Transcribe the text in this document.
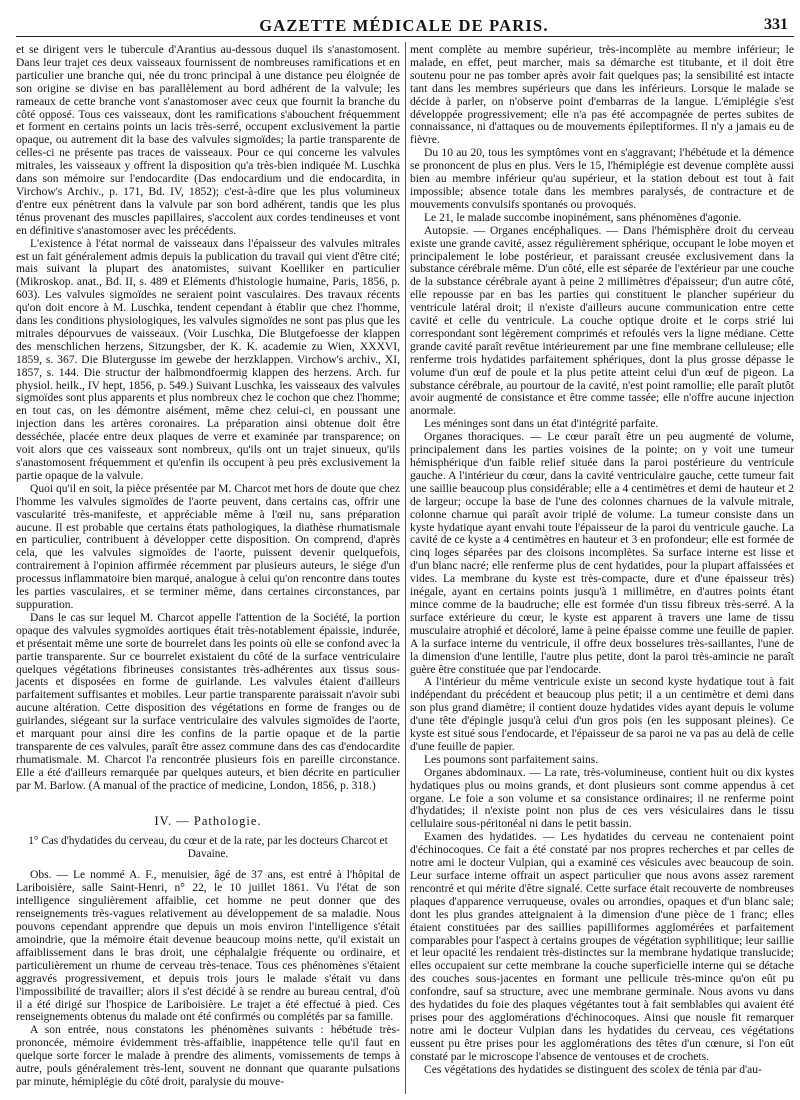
GAZETTE MÉDICALE DE PARIS.	331

et se dirigent vers le tubercule d'Arantius au-dessous duquel ils s'anastomosent. Dans leur trajet ces deux vaisseaux fournissent de nombreuses ramifications et en particulier une branche qui, née du tronc principal à une distance peu éloignée de son origine se divise en bas parallèlement au bord adhérent de la valvule; les rameaux de cette branche vont s'anastomoser avec ceux que fournit la branche du côté opposé. Tous ces vaisseaux, dont les ramifications s'abouchent fréquemment et forment en certains points un lacis très-serré, occupent exclusivement la partie opaque, ou autrement dit la base des valvules sigmoïdes; la partie transparente de celles-ci ne présente pas traces de vaisseaux. Pour ce qui concerne les valvules mitrales, les vaisseaux y offrent la disposition qu'a très-bien indiquée M. Luschka dans son mémoire sur l'endocardite (Das endocardium und die endocardita, in Virchow's Archiv., p. 171, Bd. IV, 1852); c'est-à-dire que les plus volumineux d'entre eux pénètrent dans la valvule par son bord adhérent, tandis que les plus ténus provenant des muscles papillaires, s'accolent aux cordes tendineuses et vont en définitive s'anastomoser avec les précédents.

L'existence à l'état normal de vaisseaux dans l'épaisseur des valvules mitrales est un fait généralement admis depuis la publication du travail qui vient d'être cité; mais suivant la plupart des anatomistes, suivant Koelliker en particulier (Mikroskop. anat., Bd. II, s. 489 et Eléments d'histologie humaine, Paris, 1856, p. 603). Les valvules sigmoïdes ne seraient point vasculaires. Des travaux récents qu'on doit encore à M. Luschka, tendent cependant à établir que chez l'homme, dans les conditions physiologiques, les valvules sigmoïdes ne sont pas plus que les mitrales dépourvues de vaisseaux. (Voir Luschka, Die Blutgefoesse der klappen des menschlichen herzens, Sitzungsber, der K. K. academie zu Wien, XXXVI, 1859, s. 367. Die Blutergusse im gewebe der herzklappen. Virchow's archiv., XI, 1857, s. 144. Die structur der halbmondfoermig klappen des herzens. Arch. fur physiol. heilk., IV hept, 1856, p. 549.) Suivant Luschka, les vaisseaux des valvules sigmoïdes sont plus apparents et plus nombreux chez le cochon que chez l'homme; en tout cas, on les démontre aisément, même chez celui-ci, en poussant une injection dans les artères coronaires. La préparation ainsi obtenue doit être desséchée, placée entre deux plaques de verre et examinée par transparence; on voit alors que ces vaisseaux sont nombreux, qu'ils ont un trajet sinueux, qu'ils s'anastomosent fréquemment et qu'enfin ils occupent à peu près exclusivement la partie opaque de la valvule.

Quoi qu'il en soit, la pièce présentée par M. Charcot met hors de doute que chez l'homme les valvules sigmoïdes de l'aorte peuvent, dans certains cas, offrir une vascularité très-manifeste, et appréciable même à l'œil nu, sans préparation aucune. Il est probable que certains états pathologiques, la diathèse rhumatismale en particulier, contribuent à développer cette disposition. On comprend, d'après cela, que les valvules sigmoïdes de l'aorte, puissent devenir quelquefois, contrairement à l'opinion affirmée récemment par plusieurs auteurs, le siége d'un processus inflammatoire bien marqué, analogue à celui qu'on rencontre dans toutes les parties vasculaires, et se terminer même, dans certaines circonstances, par suppuration.

Dans le cas sur lequel M. Charcot appelle l'attention de la Société, la portion opaque des valvules sygmoïdes aortiques était très-notablement épaissie, indurée, et présentait même une sorte de bourrelet dans les points où elle se confond avec la partie transparente. Sur ce bourrelet existaient du côté de la surface ventriculaire quelques végétations fibrineuses consistantes très-adhérentes aux tissus sous-jacents et disposées en forme de guirlande. Les valvules étaient d'ailleurs parfaitement suffisantes et mobiles. Leur partie transparente paraissait n'avoir subi aucune altération. Cette disposition des végétations en forme de franges ou de guirlandes, siégeant sur la surface ventriculaire des valvules sigmoïdes de l'aorte, et marquant pour ainsi dire les confins de la partie opaque et de la partie transparente de ces valvules, paraît être assez commune dans des cas d'endocardite rhumatismale. M. Charcot l'a rencontrée plusieurs fois en pareille circonstance. Elle a été d'ailleurs remarquée par quelques auteurs, et bien décrite en particulier par M. Barlow. (A manual of the practice of medicine, London, 1856, p. 318.)

IV. — Pathologie.
1° Cas d'hydatides du cerveau, du cœur et de la rate, par les docteurs Charcot et Davaine.

Obs. — Le nommé A. F., menuisier, âgé de 37 ans, est entré à l'hôpital de Lariboisière, salle Saint-Henri, n° 22, le 10 juillet 1861. Vu l'état de son intelligence singulièrement affaiblie, cet homme ne peut donner que des renseignements très-vagues relativement au développement de sa maladie. Nous pouvons cependant apprendre que depuis un mois environ l'intelligence s'était amoindrie, que la mémoire était devenue beaucoup moins nette, qu'il existait un affaiblissement dans le bras droit, une céphalalgie fréquente ou ordinaire, et particulièrement un rhume de cerveau très-tenace. Tous ces phénomènes s'étaient aggravés progressivement, et depuis trois jours le malade s'était vu dans l'impossibilité de travailler; alors il s'est décidé à se rendre au bureau central, d'où il a été dirigé sur l'hospice de Lariboisière. Le trajet a été effectué à pied. Ces renseignements obtenus du malade ont été confirmés ou complétés par sa famille.

A son entrée, nous constatons les phénomènes suivants : hébétude très-prononcée, mémoire évidemment très-affaiblie, inappétence telle qu'il faut en quelque sorte forcer le malade à prendre des aliments, vomissements de temps à autre, pouls généralement très-lent, souvent ne donnant que quarante pulsations par minute, hémiplégie du côté droit, paralysie du mouve-

ment complète au membre supérieur, très-incomplète au membre inférieur; le malade, en effet, peut marcher, mais sa démarche est titubante, et il doit être soutenu pour ne pas tomber après avoir fait quelques pas; la sensibilité est intacte tant dans les membres supérieurs que dans les inférieurs. Lorsque le malade se décide à parler, on n'observe point d'embarras de la langue. L'émiplégie s'est développée progressivement; elle n'a pas été accompagnée de pertes subites de connaissance, ni d'attaques ou de mouvements épileptiformes. Il n'y a jamais eu de fièvre.

Du 10 au 20, tous les symptômes vont en s'aggravant; l'hébétude et la démence se prononcent de plus en plus. Vers le 15, l'hémiplégie est devenue complète aussi bien au membre inférieur qu'au supérieur, et la station debout est tout à fait impossible; absence totale dans les membres paralysés, de contracture et de mouvements convulsifs spontanés ou provoqués.

Le 21, le malade succombe inopinément, sans phénomènes d'agonie.

Autopsie. — Organes encéphaliques. — Dans l'hémisphère droit du cerveau existe une grande cavité, assez régulièrement sphérique, occupant le lobe moyen et principalement le lobe postérieur, et paraissant creusée exclusivement dans la substance cérébrale même. D'un côté, elle est séparée de l'extérieur par une couche de la substance cérébrale ayant à peine 2 millimètres d'épaisseur; d'un autre côté, elle repousse par en bas les parties qui constituent le plancher supérieur du ventricule latéral droit; il n'existe d'ailleurs aucune communication entre cette cavité et celle du ventricule. La couche optique droite et le corps strié lui correspondant sont légèrement comprimés et refoulés vers la ligne médiane. Cette grande cavité paraît revêtue intérieurement par une fine membrane celluleuse; elle renferme trois hydatides parfaitement sphériques, dont la plus grosse dépasse le volume d'un œuf de poule et la plus petite atteint celui d'un œuf de pigeon. La substance cérébrale, au pourtour de la cavité, n'est point ramollie; elle paraît plutôt avoir augmenté de consistance et être comme tassée; elle n'offre aucune injection anormale.

Les méninges sont dans un état d'intégrité parfaite.

Organes thoraciques. — Le cœur paraît être un peu augmenté de volume, principalement dans les parties voisines de la pointe; on y voit une tumeur hémisphérique d'un faible relief située dans la paroi postérieure du ventricule gauche. A l'intérieur du cœur, dans la cavité ventriculaire gauche, cette tumeur fait une saillie beaucoup plus considérable; elle a 4 centimètres et demi de hauteur et 2 de largeur; occupe la base de l'une des colonnes charnues de la valvule mitrale, colonne charnue qui paraît avoir triplé de volume. La tumeur consiste dans un kyste hydatique ayant envahi toute l'épaisseur de la paroi du ventricule gauche. La cavité de ce kyste a 4 centimètres en hauteur et 3 en profondeur; elle est formée de cinq loges séparées par des cloisons incomplètes. Sa surface interne est lisse et d'un blanc nacré; elle renferme plus de cent hydatides, pour la plupart affaissées et vides. La membrane du kyste est très-compacte, dure et d'une épaisseur très) inégale, ayant en certains points jusqu'à 1 millimètre, en d'autres points étant mince comme de la baudruche; elle est formée d'un tissu fibreux très-serré. A la surface extérieure du cœur, le kyste est apparent à travers une lame de tissu musculaire atrophié et décoloré, lame à peine épaisse comme une feuille de papier. A la surface interne du ventricule, il offre deux bosselures très-saillantes, l'une de la dimension d'une lentille, l'autre plus petite, dont la paroi très-amincie ne paraît guère être constituée que par l'endocarde.

A l'intérieur du même ventricule existe un second kyste hydatique tout à fait indépendant du précédent et beaucoup plus petit; il a un centimètre et demi dans son plus grand diamètre; il contient douze hydatides vides ayant depuis le volume d'une tête d'épingle jusqu'à celui d'un gros pois (en les supposant pleines). Ce kyste est situé sous l'endocarde, et l'épaisseur de sa paroi ne va pas au delà de celle d'une feuille de papier.

Les poumons sont parfaitement sains.

Organes abdominaux. — La rate, très-volumineuse, contient huit ou dix kystes hydatiques plus ou moins grands, et dont plusieurs sont comme appendus à cet organe. Le foie a son volume et sa consistance ordinaires; il ne renferme point d'hydatides; il n'existe point non plus de ces vers vésiculaires dans le tissu cellulaire sous-péritonéal ni dans le petit bassin.

Examen des hydatides. — Les hydatides du cerveau ne contenaient point d'échinocoques. Ce fait a été constaté par nos propres recherches et par celles de notre ami le docteur Vulpian, qui a examiné ces vésicules avec beaucoup de soin. Leur surface interne offrait un aspect particulier que nous avons assez rarement rencontré et qui mérite d'être signalé. Cette surface était recouverte de nombreuses plaques d'apparence verruqueuse, ovales ou arrondies, opaques et d'un blanc sale; dont les plus grandes atteignaient à la dimension d'une pièce de 1 franc; elles étaient constituées par des saillies papilliformes agglomérées et parfaitement comparables pour l'aspect à certains groupes de végétation syphilitique; leur saillie et leur opacité les rendaient très-distinctes sur la membrane hydatique translucide; elles occupaient sur cette membrane la couche superficielle interne qui se détache des couches sous-jacentes en formant une pellicule très-mince qu'on eût pu confondre, sauf sa structure, avec une membrane germinale. Nous avons vu dans des hydatides du foie des plaques végétantes tout à fait semblables qui avaient été prises pour des agglomérations d'échinocoques. Ainsi que nousle fit remarquer notre ami le docteur Vulpian dans les hydatides du cerveau, ces végétations eussent pu être prises pour les agglomérations des têtes d'un cœnure, si l'on eût constaté par le microscope l'absence de ventouses et de crochets.

Ces végétations des hydatides se distinguent des scolex de ténia par d'au-
